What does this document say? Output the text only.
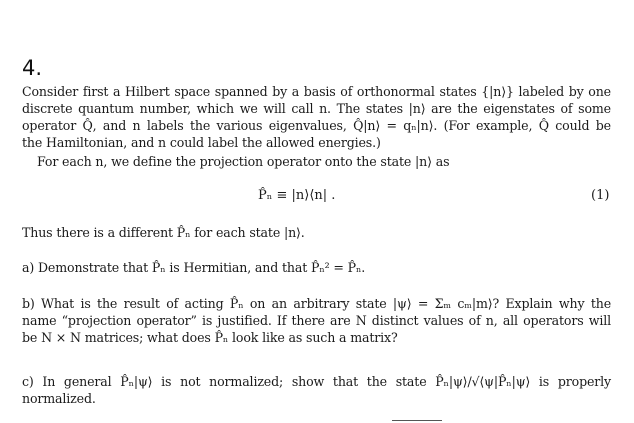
4.
Consider first a Hilbert space spanned by a basis of orthonormal states {|n⟩} labeled by one
discrete quantum number, which we will call n. The states |n⟩ are the eigenstates of some
operator Q̂, and n labels the various eigenvalues, Q̂|n⟩ = qₙ|n⟩. (For example, Q̂ could be
the Hamiltonian, and n could label the allowed energies.)
For each n, we define the projection operator onto the state |n⟩ as
P̂ₙ ≡ |n⟩⟨n| .	(1)
Thus there is a different P̂ₙ for each state |n⟩.
a) Demonstrate that P̂ₙ is Hermitian, and that P̂ₙ² = P̂ₙ.
b) What is the result of acting P̂ₙ on an arbitrary state |ψ⟩ = Σₘ cₘ|m⟩? Explain why the
name “projection operator” is justified. If there are N distinct values of n, all operators will
be N × N matrices; what does P̂ₙ look like as such a matrix?
c) In general P̂ₙ|ψ⟩ is not normalized; show that the state P̂ₙ|ψ⟩/√⟨ψ|P̂ₙ|ψ⟩ is properly
normalized.
